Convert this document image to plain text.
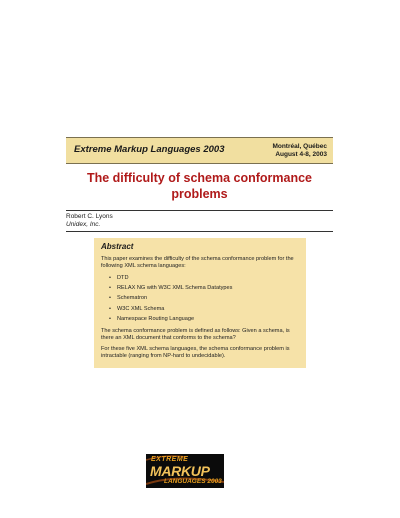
Extreme Markup Languages 2003	Montréal, Québec
August 4-8, 2003
The difficulty of schema conformance problems
Robert C. Lyons
Unidex, Inc.
Abstract

This paper examines the difficulty of the schema conformance problem for the following XML schema languages:

• DTD
• RELAX NG with W3C XML Schema Datatypes
• Schematron
• W3C XML Schema
• Namespace Routing Language

The schema conformance problem is defined as follows: Given a schema, is there an XML document that conforms to the schema?

For these five XML schema languages, the schema conformance problem is intractable (ranging from NP-hard to undecidable).

EXTREME
MARKUP
LANGUAGES 2003
